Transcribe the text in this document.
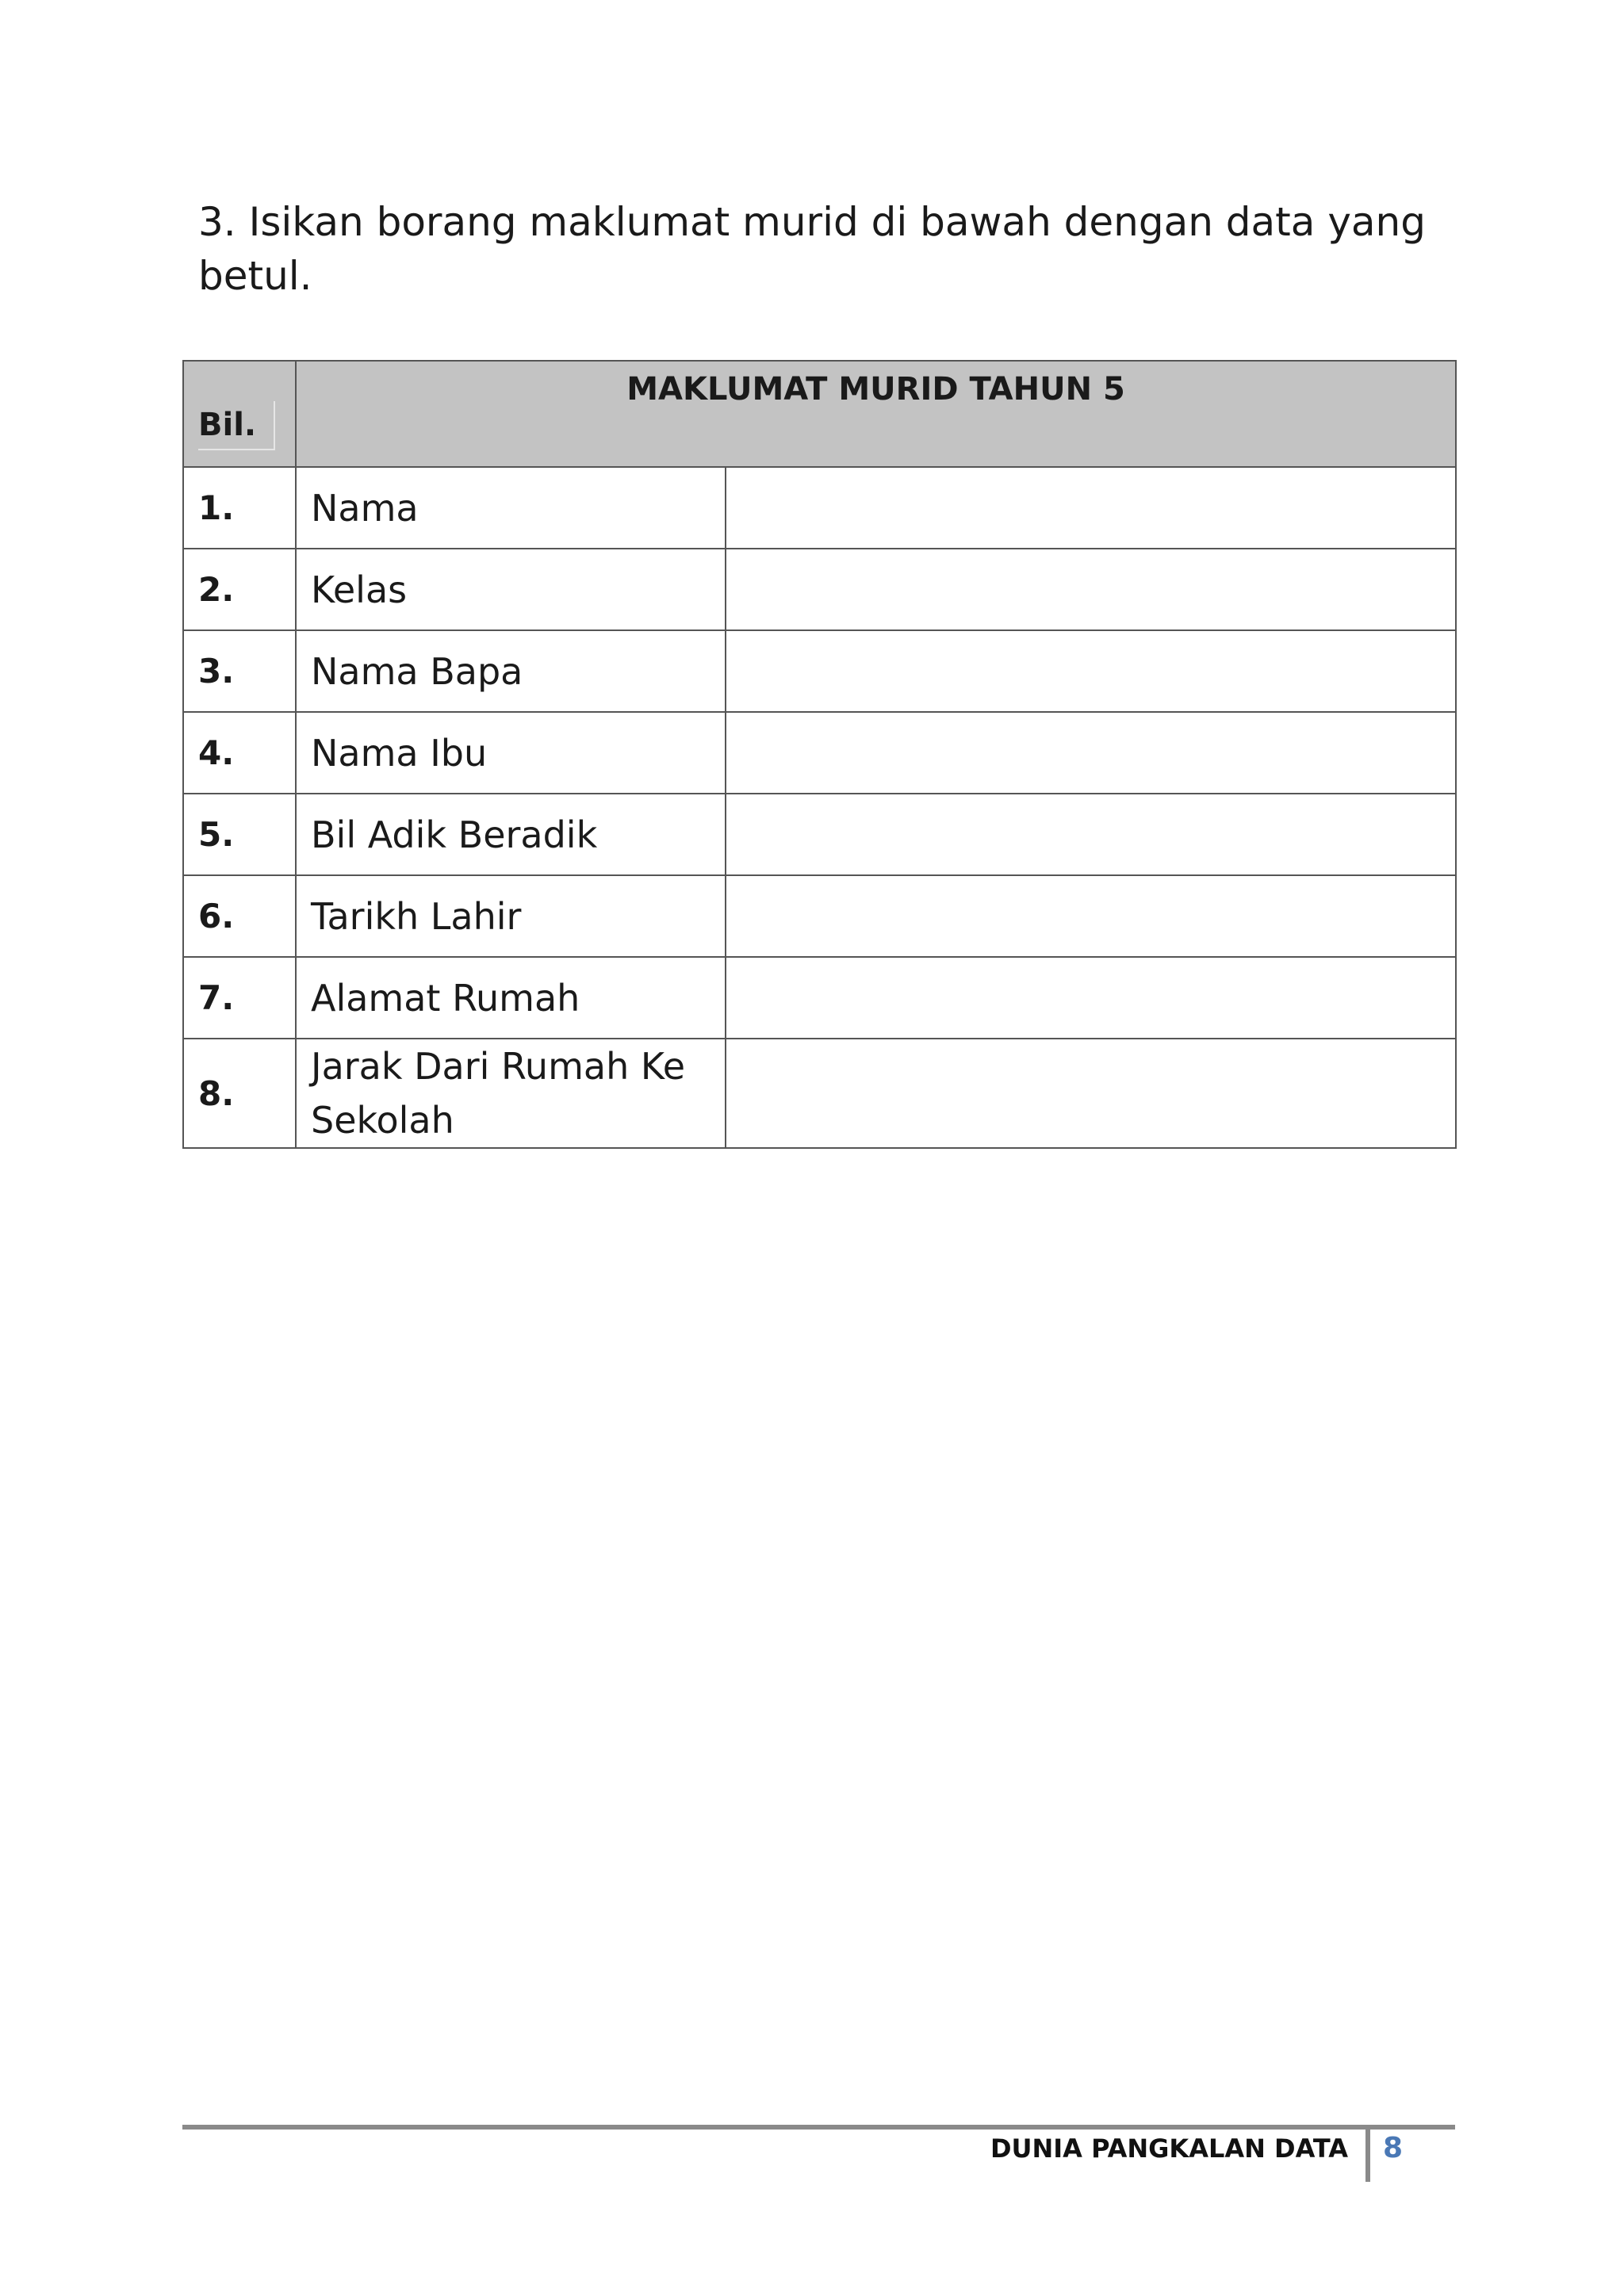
3. Isikan borang maklumat murid di bawah dengan data yang betul.

Bil.	MAKLUMAT MURID TAHUN 5	
1.	Nama	
2.	Kelas	
3.	Nama Bapa	
4.	Nama Ibu	
5.	Bil Adik Beradik	
6.	Tarikh Lahir	
7.	Alamat Rumah	
8.	Jarak Dari Rumah Ke Sekolah	
DUNIA PANGKALAN DATA 8
